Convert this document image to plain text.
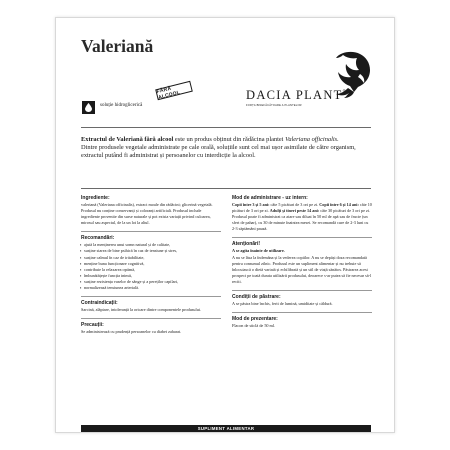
Valeriană
soluție hidroglicerică
FĂRĂ ALCOOL	DACIA PLANT®
FORȚA BINEFĂCĂTOARE A PLANTELOR
Extractul de Valeriană fără alcool este un produs obținut din rădăcina plantei Valeriana officinalis.
Dintre produsele vegetale administrate pe cale orală, soluțiile sunt cel mai ușor asimilate de către organism, extractul putând fi administrat și persoanelor cu interdicție la alcool.
Ingrediente:
valeriană (Valeriana officinalis), extract moale din rădăcini; glicerină vegetală. Produsul nu conține conservanți și coloranți artificiali. Produsul include ingrediente provenite din surse naturale și pot exista variații privind culoarea, mirosul sau aspectul, de la un lot la altul.
Recomandări:
▪ ajută la menținerea unui somn natural și de calitate,
▪ susține starea de bine psihică în caz de tensiune și stres,
▪ susține calmul în caz de iritabilitate,
▪ menține buna funcționare cognitivă,
▪ contribuie la relaxarea optimă,
▪ îmbunătățește funcția inimii,
▪ susține rezistența vaselor de sânge și a pereților capilari,
▪ normalizează tensiunea arterială.
Contraindicații:
Sarcină, alăptare, intoleranță la oricare dintre componentele produsului.
Precauții:
Se administrează cu prudență persoanelor cu diabet zaharat.
Mod de administrare - uz intern:
Copii între 3 și 5 ani: câte 5 picături de 3 ori pe zi. Copii între 6 și 14 ani: câte 10 picături de 3 ori pe zi. Adulți și tineri peste 14 ani: câte 30 picături de 3 ori pe zi. Produsul poate fi administrat ca atare sau diluat în 50 ml de apă sau de fructe (un sfert de pahar), cu 30 de minute înaintea mesei. Se recomandă cure de 2-3 luni cu 2-3 săptămâni pauză.
Atenționări!
A se agita înainte de utilizare.
A nu se lăsa la îndemâna și la vederea copiilor. A nu se depăși doza recomandată pentru consumul zilnic. Produsul este un supliment alimentar și nu trebuie să înlocuiască o dietă variată și echilibrată și un stil de viață sănătos. Păstrarea acest prospect pe toată durata utilizării produsului, deoarece s-ar putea să fie necesar să-l reciti.
Condiții de păstrare:
A se păstra bine închis, ferit de lumină, umiditate și căldură.
Mod de prezentare:
Flacon de sticlă de 50 ml.
SUPLIMENT ALIMENTAR
